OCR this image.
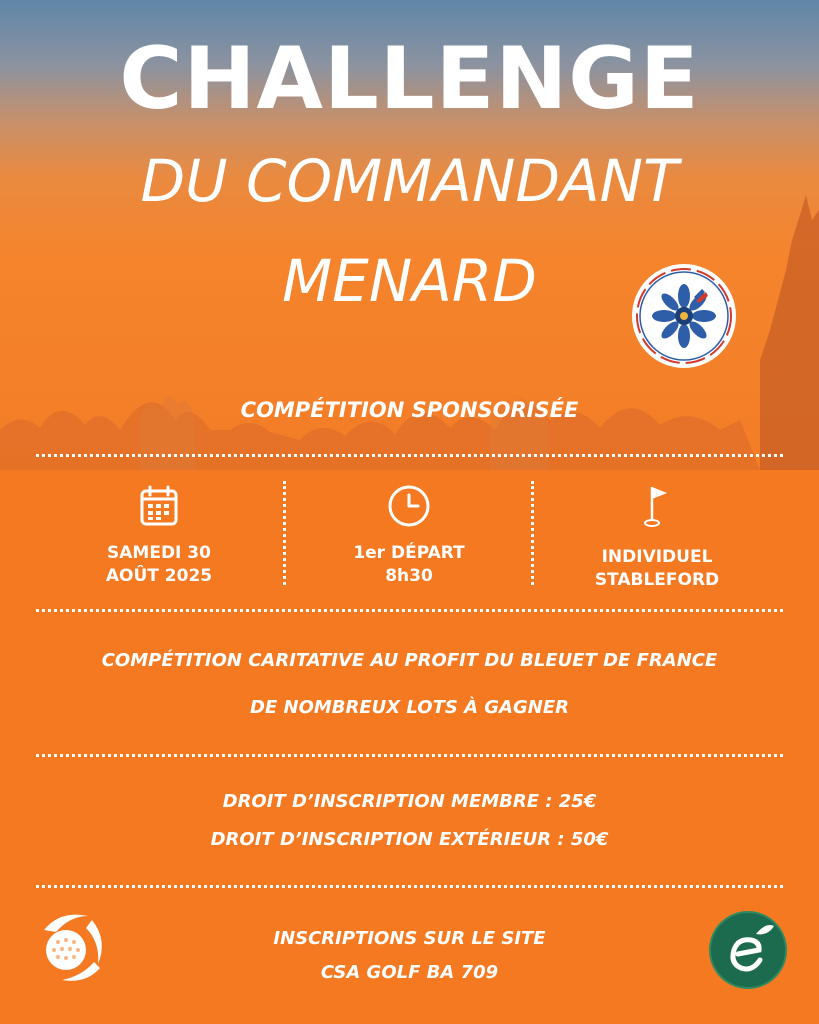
CHALLENGE
DU COMMANDANT
MENARD
COMPÉTITION SPONSORISÉE
SAMEDI 30
AOÛT 2025
1er DÉPART
8h30
INDIVIDUEL
STABLEFORD
COMPÉTITION CARITATIVE AU PROFIT DU BLEUET DE FRANCE
DE NOMBREUX LOTS À GAGNER
DROIT D’INSCRIPTION MEMBRE : 25€
DROIT D’INSCRIPTION EXTÉRIEUR : 50€
INSCRIPTIONS SUR LE SITE
CSA GOLF BA 709
